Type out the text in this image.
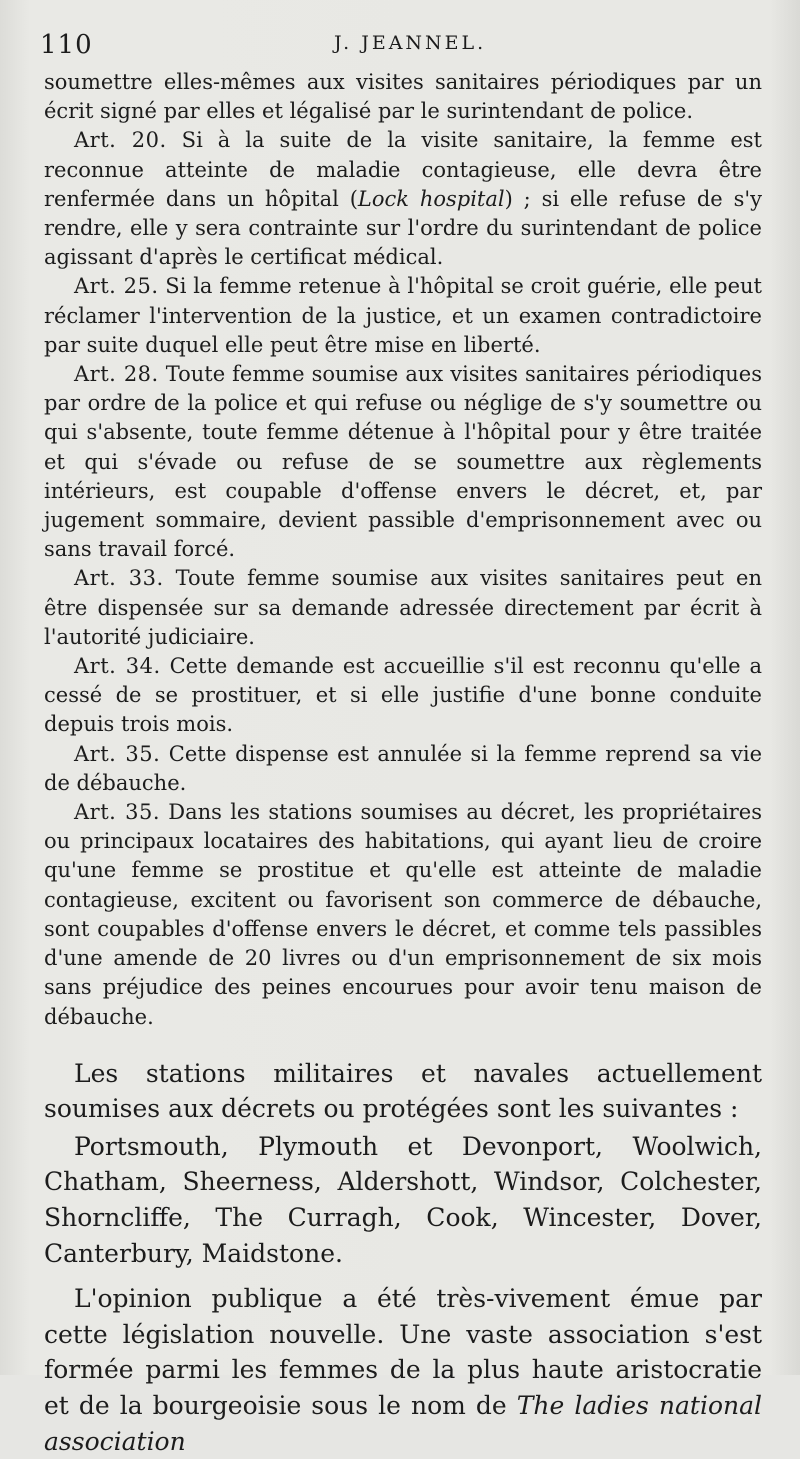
110	J. JEANNEL.

soumettre elles-mêmes aux visites sanitaires périodiques par un écrit signé par elles et légalisé par le surintendant de police.

Art. 20. Si à la suite de la visite sanitaire, la femme est reconnue atteinte de maladie contagieuse, elle devra être renfermée dans un hôpital (Lock hospital) ; si elle refuse de s'y rendre, elle y sera contrainte sur l'ordre du surintendant de police agissant d'après le certificat médical.

Art. 25. Si la femme retenue à l'hôpital se croit guérie, elle peut réclamer l'intervention de la justice, et un examen contradictoire par suite duquel elle peut être mise en liberté.

Art. 28. Toute femme soumise aux visites sanitaires périodiques par ordre de la police et qui refuse ou néglige de s'y soumettre ou qui s'absente, toute femme détenue à l'hôpital pour y être traitée et qui s'évade ou refuse de se soumettre aux règlements intérieurs, est coupable d'offense envers le décret, et, par jugement sommaire, devient passible d'emprisonnement avec ou sans travail forcé.

Art. 33. Toute femme soumise aux visites sanitaires peut en être dispensée sur sa demande adressée directement par écrit à l'autorité judiciaire.

Art. 34. Cette demande est accueillie s'il est reconnu qu'elle a cessé de se prostituer, et si elle justifie d'une bonne conduite depuis trois mois.

Art. 35. Cette dispense est annulée si la femme reprend sa vie de débauche.

Art. 35. Dans les stations soumises au décret, les propriétaires ou principaux locataires des habitations, qui ayant lieu de croire qu'une femme se prostitue et qu'elle est atteinte de maladie contagieuse, excitent ou favorisent son commerce de débauche, sont coupables d'offense envers le décret, et comme tels passibles d'une amende de 20 livres ou d'un emprisonnement de six mois sans préjudice des peines encourues pour avoir tenu maison de débauche.

Les stations militaires et navales actuellement soumises aux décrets ou protégées sont les suivantes :

Portsmouth, Plymouth et Devonport, Woolwich, Chatham, Sheerness, Aldershott, Windsor, Colchester, Shorncliffe, The Curragh, Cook, Wincester, Dover, Canterbury, Maidstone.

L'opinion publique a été très-vivement émue par cette législation nouvelle. Une vaste association s'est formée parmi les femmes de la plus haute aristocratie et de la bourgeoisie sous le nom de The ladies national association
